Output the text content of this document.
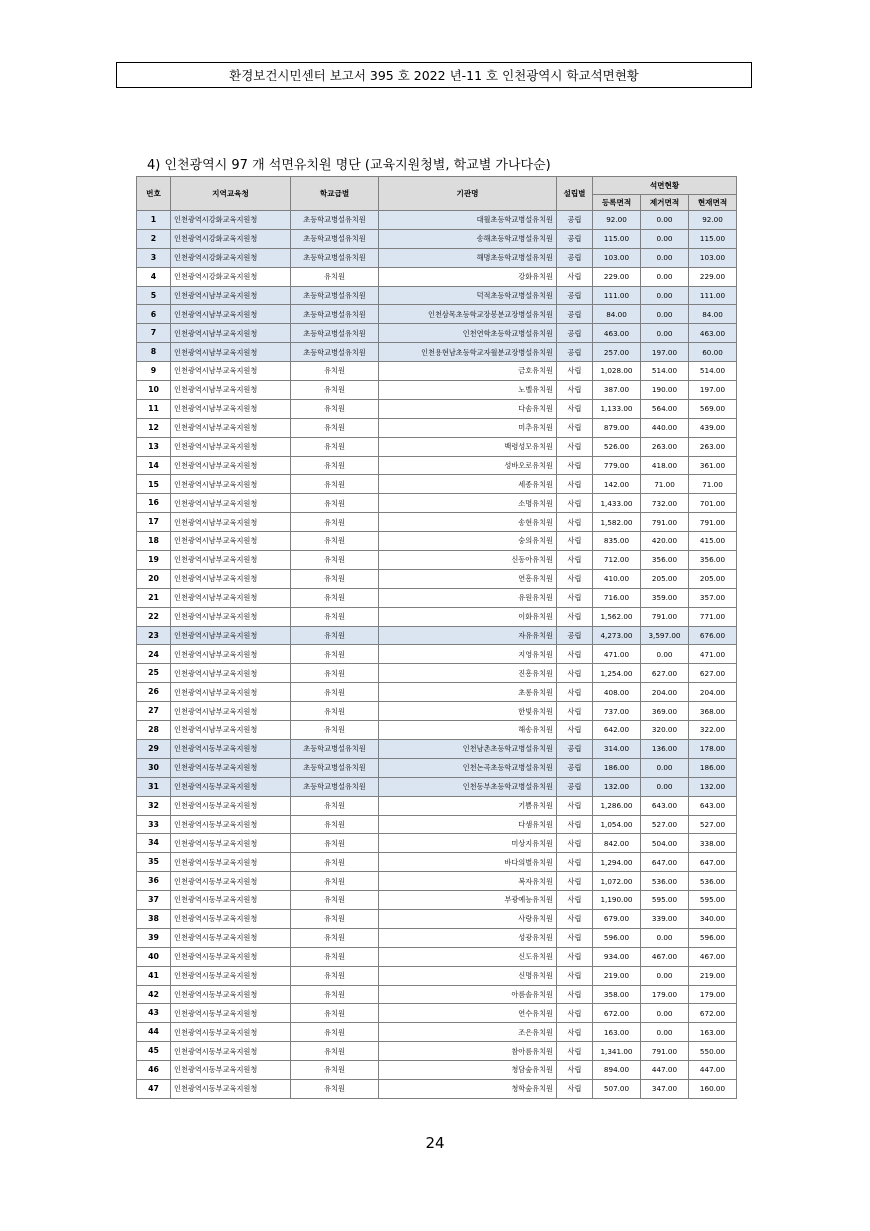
환경보건시민센터 보고서 395 호 2022 년-11 호 인천광역시 학교석면현황
4) 인천광역시 97 개 석면유치원 명단 (교육지원청별, 학교별 가나다순)
번호	지역교육청	학교급별	기관명	설립별	석면현황		
					등록면적	제거면적	현재면적
1	인천광역시강화교육지원청	초등학교병설유치원	대월초등학교병설유치원	공립	92.00	0.00	92.00
2	인천광역시강화교육지원청	초등학교병설유치원	송해초등학교병설유치원	공립	115.00	0.00	115.00
3	인천광역시강화교육지원청	초등학교병설유치원	해명초등학교병설유치원	공립	103.00	0.00	103.00
4	인천광역시강화교육지원청	유치원	강화유치원	사립	229.00	0.00	229.00
5	인천광역시남부교육지원청	초등학교병설유치원	덕적초등학교병설유치원	공립	111.00	0.00	111.00
6	인천광역시남부교육지원청	초등학교병설유치원	인천삼목초등학교장봉분교장병설유치원	공립	84.00	0.00	84.00
7	인천광역시남부교육지원청	초등학교병설유치원	인천연학초등학교병설유치원	공립	463.00	0.00	463.00
8	인천광역시남부교육지원청	초등학교병설유치원	인천용현남초등학교자월분교장병설유치원	공립	257.00	197.00	60.00
9	인천광역시남부교육지원청	유치원	금호유치원	사립	1,028.00	514.00	514.00
10	인천광역시남부교육지원청	유치원	노벨유치원	사립	387.00	190.00	197.00
11	인천광역시남부교육지원청	유치원	다솜유치원	사립	1,133.00	564.00	569.00
12	인천광역시남부교육지원청	유치원	미추유치원	사립	879.00	440.00	439.00
13	인천광역시남부교육지원청	유치원	백령성모유치원	사립	526.00	263.00	263.00
14	인천광역시남부교육지원청	유치원	성바오로유치원	사립	779.00	418.00	361.00
15	인천광역시남부교육지원청	유치원	세종유치원	사립	142.00	71.00	71.00
16	인천광역시남부교육지원청	유치원	소명유치원	사립	1,433.00	732.00	701.00
17	인천광역시남부교육지원청	유치원	송현유치원	사립	1,582.00	791.00	791.00
18	인천광역시남부교육지원청	유치원	숭의유치원	사립	835.00	420.00	415.00
19	인천광역시남부교육지원청	유치원	신동아유치원	사립	712.00	356.00	356.00
20	인천광역시남부교육지원청	유치원	연흥유치원	사립	410.00	205.00	205.00
21	인천광역시남부교육지원청	유치원	유원유치원	사립	716.00	359.00	357.00
22	인천광역시남부교육지원청	유치원	이화유치원	사립	1,562.00	791.00	771.00
23	인천광역시남부교육지원청	유치원	자유유치원	공립	4,273.00	3,597.00	676.00
24	인천광역시남부교육지원청	유치원	지영유치원	사립	471.00	0.00	471.00
25	인천광역시남부교육지원청	유치원	진흥유치원	사립	1,254.00	627.00	627.00
26	인천광역시남부교육지원청	유치원	초롱유치원	사립	408.00	204.00	204.00
27	인천광역시남부교육지원청	유치원	한빛유치원	사립	737.00	369.00	368.00
28	인천광역시남부교육지원청	유치원	해송유치원	사립	642.00	320.00	322.00
29	인천광역시동부교육지원청	초등학교병설유치원	인천남촌초등학교병설유치원	공립	314.00	136.00	178.00
30	인천광역시동부교육지원청	초등학교병설유치원	인천논곡초등학교병설유치원	공립	186.00	0.00	186.00
31	인천광역시동부교육지원청	초등학교병설유치원	인천동부초등학교병설유치원	공립	132.00	0.00	132.00
32	인천광역시동부교육지원청	유치원	기쁨유치원	사립	1,286.00	643.00	643.00
33	인천광역시동부교육지원청	유치원	다샘유치원	사립	1,054.00	527.00	527.00
34	인천광역시동부교육지원청	유치원	미상지유치원	사립	842.00	504.00	338.00
35	인천광역시동부교육지원청	유치원	바다의별유치원	사립	1,294.00	647.00	647.00
36	인천광역시동부교육지원청	유치원	복자유치원	사립	1,072.00	536.00	536.00
37	인천광역시동부교육지원청	유치원	부광예능유치원	사립	1,190.00	595.00	595.00
38	인천광역시동부교육지원청	유치원	사랑유치원	사립	679.00	339.00	340.00
39	인천광역시동부교육지원청	유치원	성광유치원	사립	596.00	0.00	596.00
40	인천광역시동부교육지원청	유치원	신도유치원	사립	934.00	467.00	467.00
41	인천광역시동부교육지원청	유치원	신명유치원	사립	219.00	0.00	219.00
42	인천광역시동부교육지원청	유치원	아름솔유치원	사립	358.00	179.00	179.00
43	인천광역시동부교육지원청	유치원	연수유치원	사립	672.00	0.00	672.00
44	인천광역시동부교육지원청	유치원	조은유치원	사립	163.00	0.00	163.00
45	인천광역시동부교육지원청	유치원	참아름유치원	사립	1,341.00	791.00	550.00
46	인천광역시동부교육지원청	유치원	청담숲유치원	사립	894.00	447.00	447.00
47	인천광역시동부교육지원청	유치원	청학숲유치원	사립	507.00	347.00	160.00
24
